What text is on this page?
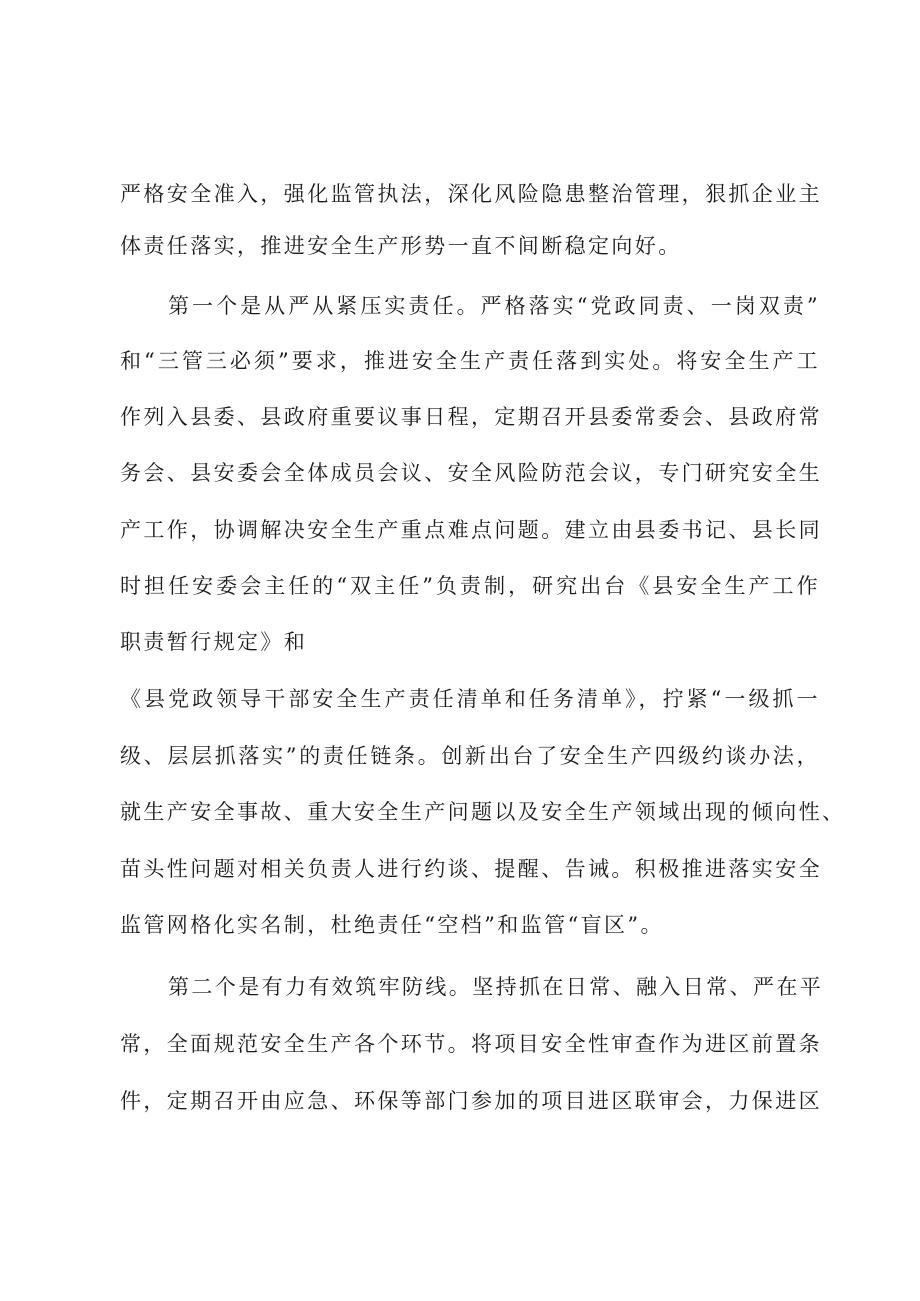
严格安全准入，强化监管执法，深化风险隐患整治管理，狠抓企业主
体责任落实，推进安全生产形势一直不间断稳定向好。
第一个是从严从紧压实责任。严格落实“党政同责、一岗双责”
和“三管三必须”要求，推进安全生产责任落到实处。将安全生产工
作列入县委、县政府重要议事日程，定期召开县委常委会、县政府常
务会、县安委会全体成员会议、安全风险防范会议，专门研究安全生
产工作，协调解决安全生产重点难点问题。建立由县委书记、县长同
时担任安委会主任的“双主任”负责制，研究出台《县安全生产工作
职责暂行规定》和
《县党政领导干部安全生产责任清单和任务清单》，拧紧“一级抓一
级、层层抓落实”的责任链条。创新出台了安全生产四级约谈办法，
就生产安全事故、重大安全生产问题以及安全生产领域出现的倾向性、
苗头性问题对相关负责人进行约谈、提醒、告诫。积极推进落实安全
监管网格化实名制，杜绝责任“空档”和监管“盲区”。
第二个是有力有效筑牢防线。坚持抓在日常、融入日常、严在平
常，全面规范安全生产各个环节。将项目安全性审查作为进区前置条
件，定期召开由应急、环保等部门参加的项目进区联审会，力保进区
